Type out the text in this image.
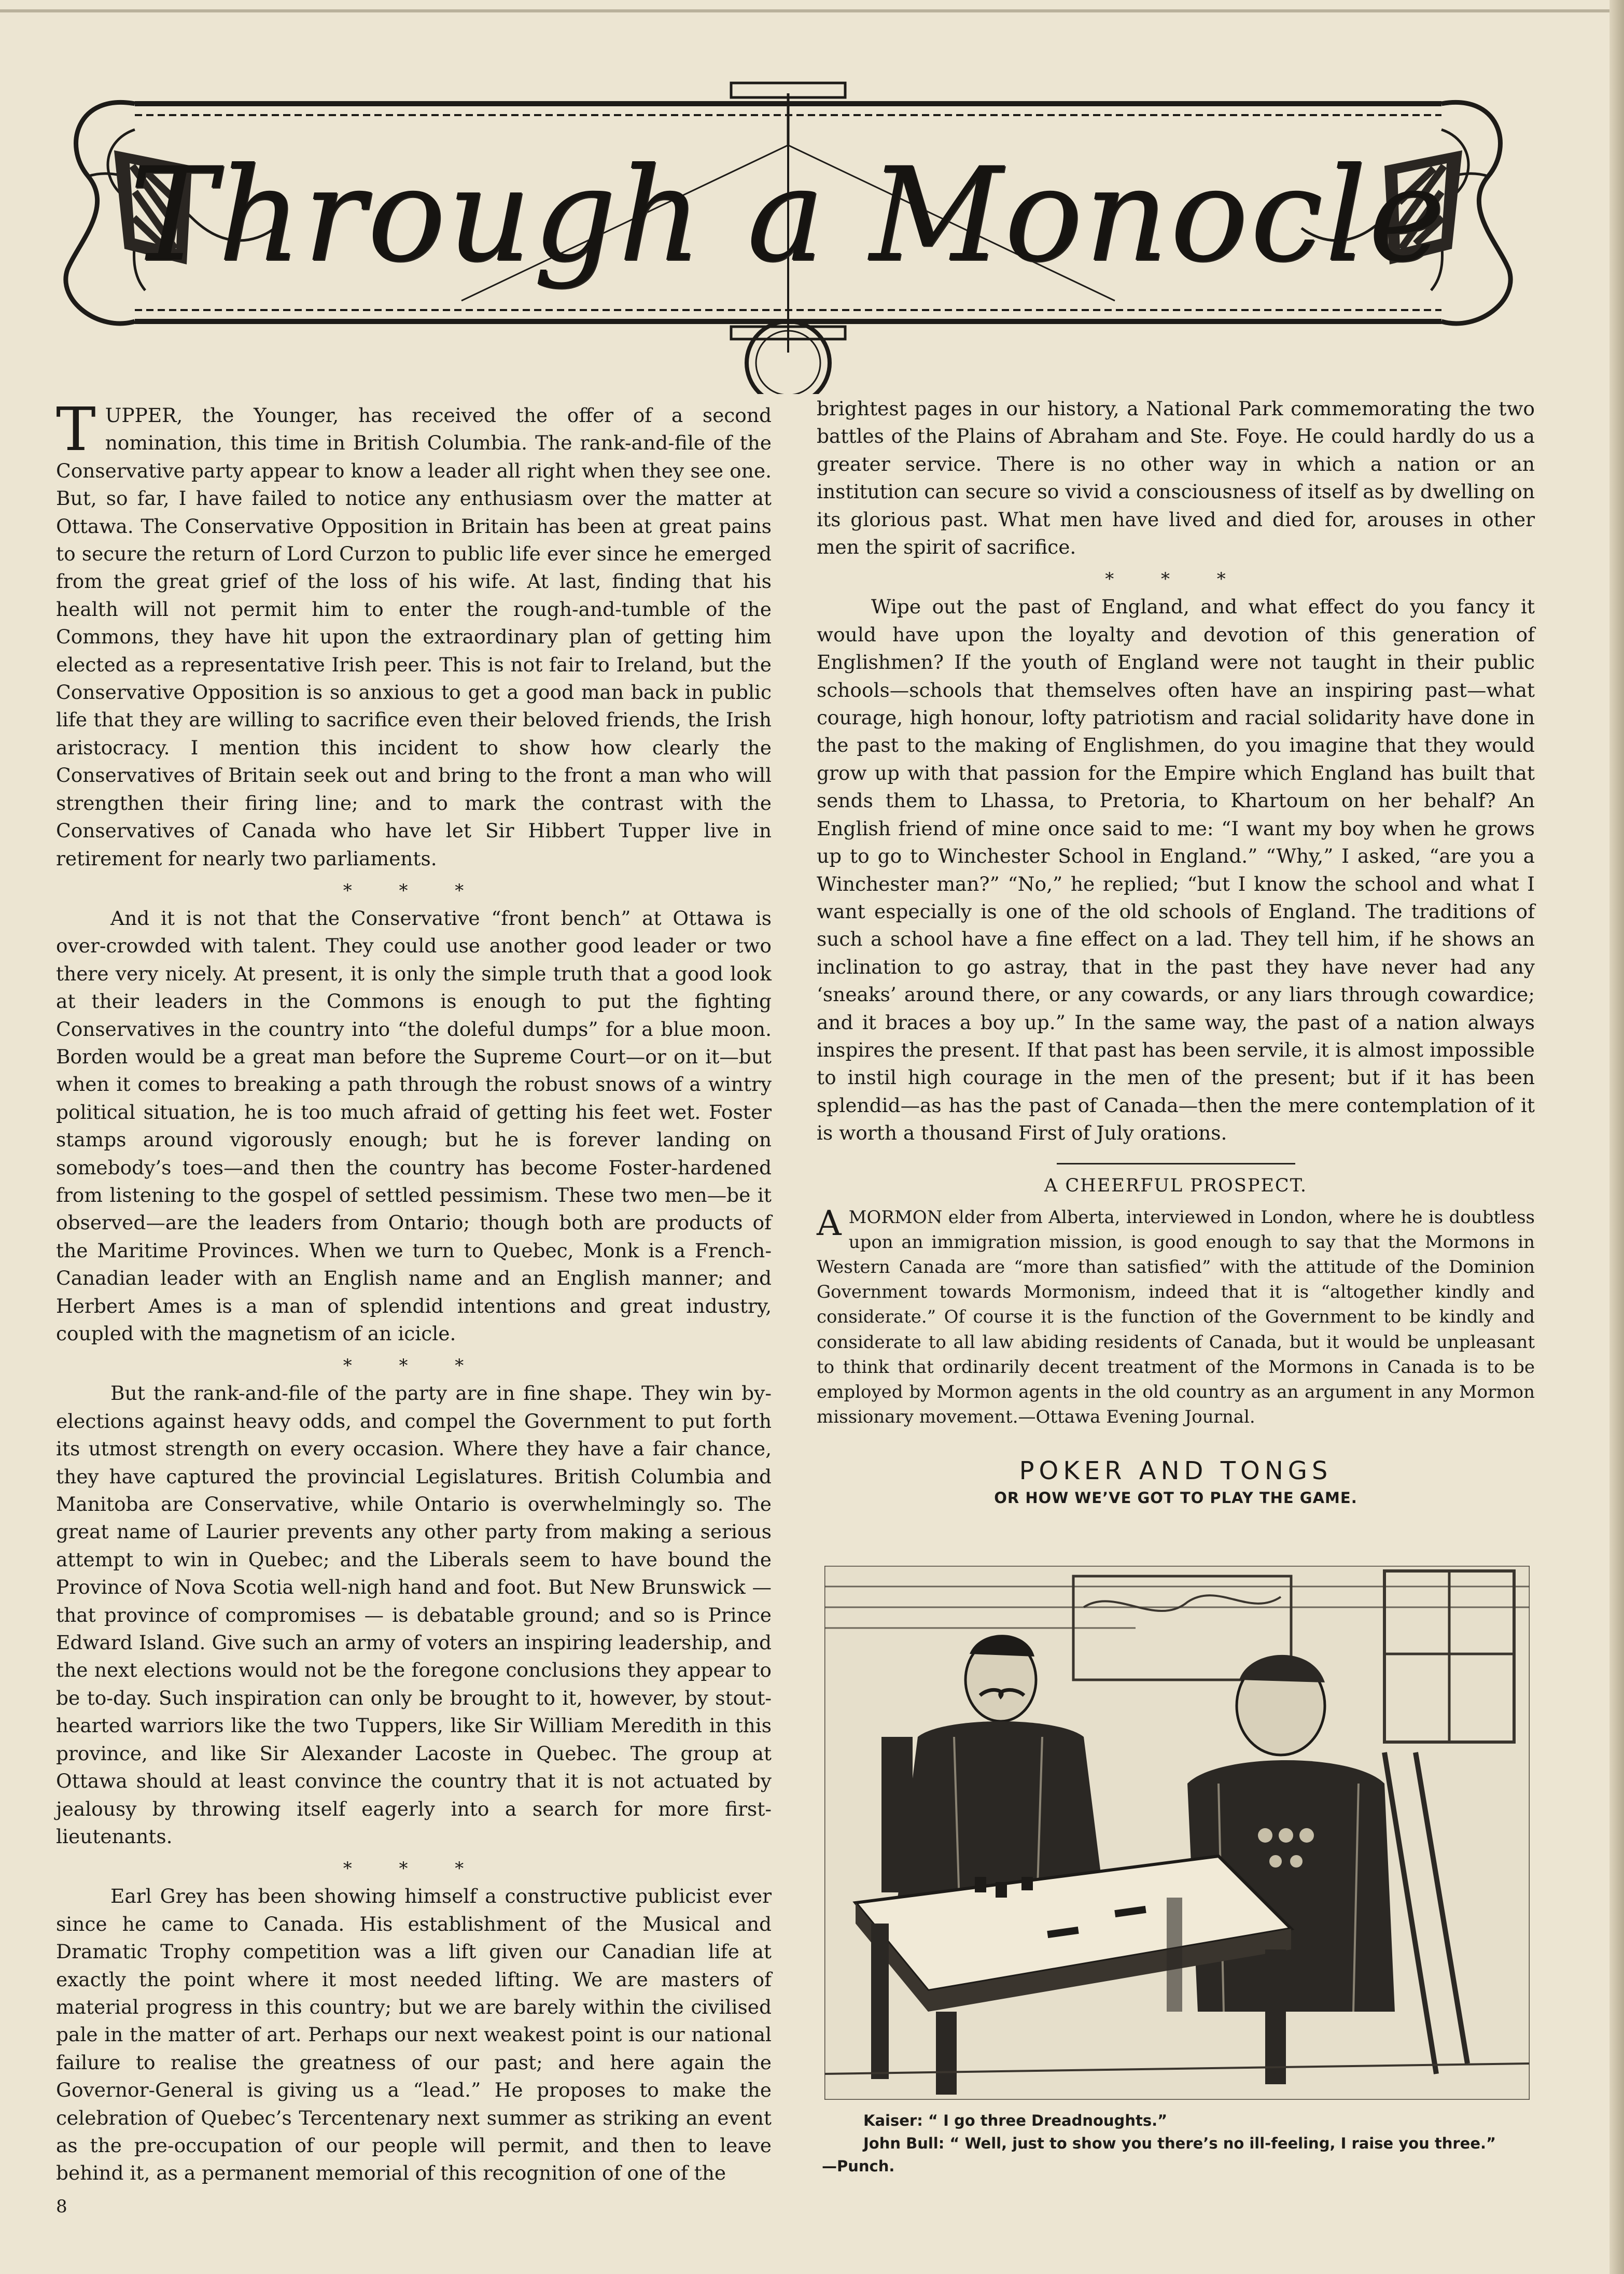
Through a Monocle

TUPPER, the Younger, has received the offer of a second nomination, this time in British Columbia. The rank-and-file of the Conservative party appear to know a leader all right when they see one. But, so far, I have failed to notice any enthusiasm over the matter at Ottawa. The Conservative Opposition in Britain has been at great pains to secure the return of Lord Curzon to public life ever since he emerged from the great grief of the loss of his wife. At last, finding that his health will not permit him to enter the rough-and-tumble of the Commons, they have hit upon the extraordinary plan of getting him elected as a representative Irish peer. This is not fair to Ireland, but the Conservative Opposition is so anxious to get a good man back in public life that they are willing to sacrifice even their beloved friends, the Irish aristocracy. I mention this incident to show how clearly the Conservatives of Britain seek out and bring to the front a man who will strengthen their firing line; and to mark the contrast with the Conservatives of Canada who have let Sir Hibbert Tupper live in retirement for nearly two parliaments.

* * *

And it is not that the Conservative “front bench” at Ottawa is over-crowded with talent. They could use another good leader or two there very nicely. At present, it is only the simple truth that a good look at their leaders in the Commons is enough to put the fighting Conservatives in the country into “the doleful dumps” for a blue moon. Borden would be a great man before the Supreme Court—or on it—but when it comes to breaking a path through the robust snows of a wintry political situation, he is too much afraid of getting his feet wet. Foster stamps around vigorously enough; but he is forever landing on somebody’s toes—and then the country has become Foster-hardened from listening to the gospel of settled pessimism. These two men—be it observed—are the leaders from Ontario; though both are products of the Maritime Provinces. When we turn to Quebec, Monk is a French-Canadian leader with an English name and an English manner; and Herbert Ames is a man of splendid intentions and great industry, coupled with the magnetism of an icicle.

* * *

But the rank-and-file of the party are in fine shape. They win by-elections against heavy odds, and compel the Government to put forth its utmost strength on every occasion. Where they have a fair chance, they have captured the provincial Legislatures. British Columbia and Manitoba are Conservative, while Ontario is overwhelmingly so. The great name of Laurier prevents any other party from making a serious attempt to win in Quebec; and the Liberals seem to have bound the Province of Nova Scotia well-nigh hand and foot. But New Brunswick — that province of compromises — is debatable ground; and so is Prince Edward Island. Give such an army of voters an inspiring leadership, and the next elections would not be the foregone conclusions they appear to be to-day. Such inspiration can only be brought to it, however, by stout-hearted warriors like the two Tuppers, like Sir William Meredith in this province, and like Sir Alexander Lacoste in Quebec. The group at Ottawa should at least convince the country that it is not actuated by jealousy by throwing itself eagerly into a search for more first-lieutenants.

* * *

Earl Grey has been showing himself a constructive publicist ever since he came to Canada. His establishment of the Musical and Dramatic Trophy competition was a lift given our Canadian life at exactly the point where it most needed lifting. We are masters of material progress in this country; but we are barely within the civilised pale in the matter of art. Perhaps our next weakest point is our national failure to realise the greatness of our past; and here again the Governor-General is giving us a “lead.” He proposes to make the celebration of Quebec’s Tercentenary next summer as striking an event as the pre-occupation of our people will permit, and then to leave behind it, as a permanent memorial of this recognition of one of the

brightest pages in our history, a National Park commemorating the two battles of the Plains of Abraham and Ste. Foye. He could hardly do us a greater service. There is no other way in which a nation or an institution can secure so vivid a consciousness of itself as by dwelling on its glorious past. What men have lived and died for, arouses in other men the spirit of sacrifice.

* * *

Wipe out the past of England, and what effect do you fancy it would have upon the loyalty and devotion of this generation of Englishmen? If the youth of England were not taught in their public schools—schools that themselves often have an inspiring past—what courage, high honour, lofty patriotism and racial solidarity have done in the past to the making of Englishmen, do you imagine that they would grow up with that passion for the Empire which England has built that sends them to Lhassa, to Pretoria, to Khartoum on her behalf? An English friend of mine once said to me: “I want my boy when he grows up to go to Winchester School in England.” “Why,” I asked, “are you a Winchester man?” “No,” he replied; “but I know the school and what I want especially is one of the old schools of England. The traditions of such a school have a fine effect on a lad. They tell him, if he shows an inclination to go astray, that in the past they have never had any ‘sneaks’ around there, or any cowards, or any liars through cowardice; and it braces a boy up.” In the same way, the past of a nation always inspires the present. If that past has been servile, it is almost impossible to instil high courage in the men of the present; but if it has been splendid—as has the past of Canada—then the mere contemplation of it is worth a thousand First of July orations.

A CHEERFUL PROSPECT.
AMORMON elder from Alberta, interviewed in London, where he is doubtless upon an immigration mission, is good enough to say that the Mormons in Western Canada are “more than satisfied” with the attitude of the Dominion Government towards Mormonism, indeed that it is “altogether kindly and considerate.” Of course it is the function of the Government to be kindly and considerate to all law abiding residents of Canada, but it would be unpleasant to think that ordinarily decent treatment of the Mormons in Canada is to be employed by Mormon agents in the old country as an argument in any Mormon missionary movement.—Ottawa Evening Journal.
POKER AND TONGS
OR HOW WE’VE GOT TO PLAY THE GAME.
Kaiser: “ I go three Dreadnoughts.”
John Bull: “ Well, just to show you there’s no ill-feeling, I raise you three.”
—Punch.
8
